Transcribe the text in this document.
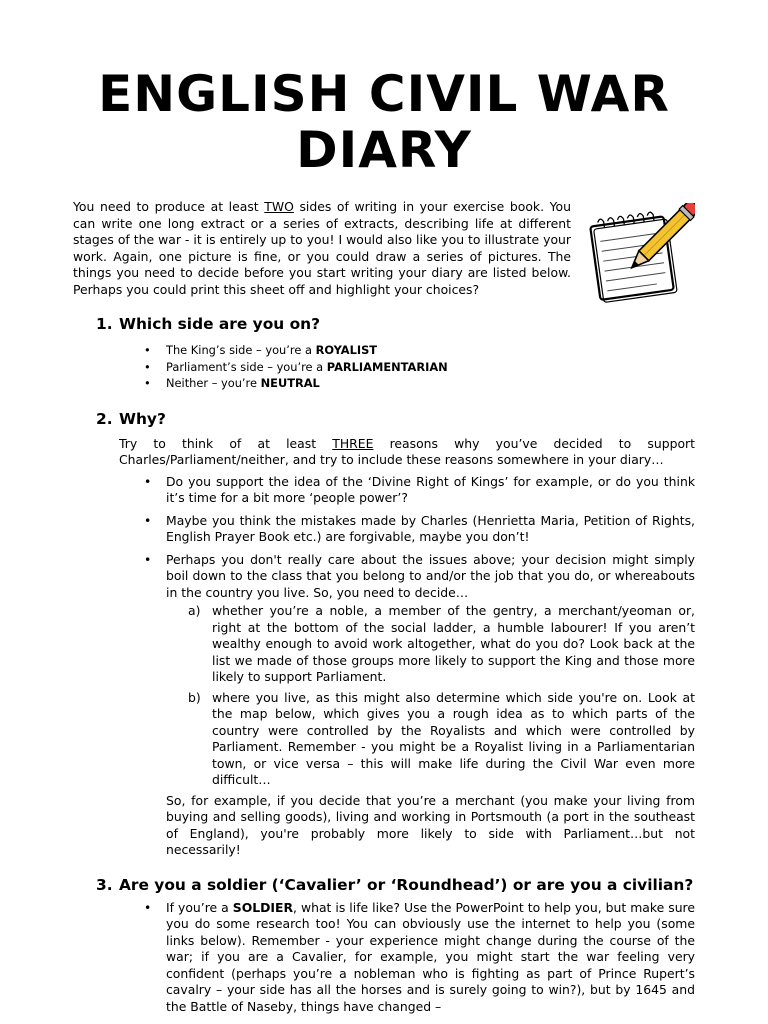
ENGLISH CIVIL WAR
DIARY

You need to produce at least TWO sides of writing in your exercise book. You can write one long extract or a series of extracts, describing life at different stages of the war - it is entirely up to you! I would also like you to illustrate your work. Again, one picture is fine, or you could draw a series of pictures. The things you need to decide before you start writing your diary are listed below. Perhaps you could print this sheet off and highlight your choices?

1. Which side are you on?
• The King’s side – you’re a ROYALIST
• Parliament’s side – you’re a PARLIAMENTARIAN
• Neither – you’re NEUTRAL
2. Why?

Try to think of at least THREE reasons why you’ve decided to support Charles/Parliament/neither, and try to include these reasons somewhere in your diary…

• Do you support the idea of the ‘Divine Right of Kings’ for example, or do you think it’s time for a bit more ‘people power’?
• Maybe you think the mistakes made by Charles (Henrietta Maria, Petition of Rights, English Prayer Book etc.) are forgivable, maybe you don’t!
• Perhaps you don't really care about the issues above; your decision might simply boil down to the class that you belong to and/or the job that you do, or whereabouts in the country you live. So, you need to decide…
a) whether you’re a noble, a member of the gentry, a merchant/yeoman or, right at the bottom of the social ladder, a humble labourer! If you aren’t wealthy enough to avoid work altogether, what do you do? Look back at the list we made of those groups more likely to support the King and those more likely to support Parliament.
b) where you live, as this might also determine which side you're on. Look at the map below, which gives you a rough idea as to which parts of the country were controlled by the Royalists and which were controlled by Parliament. Remember - you might be a Royalist living in a Parliamentarian town, or vice versa – this will make life during the Civil War even more difficult…

So, for example, if you decide that you’re a merchant (you make your living from buying and selling goods), living and working in Portsmouth (a port in the southeast of England), you're probably more likely to side with Parliament…but not necessarily!

3. Are you a soldier (‘Cavalier’ or ‘Roundhead’) or are you a civilian?
• If you’re a SOLDIER, what is life like? Use the PowerPoint to help you, but make sure you do some research too! You can obviously use the internet to help you (some links below). Remember - your experience might change during the course of the war; if you are a Cavalier, for example, you might start the war feeling very confident (perhaps you’re a nobleman who is fighting as part of Prince Rupert’s cavalry – your side has all the horses and is surely going to win?), but by 1645 and the Battle of Naseby, things have changed –
